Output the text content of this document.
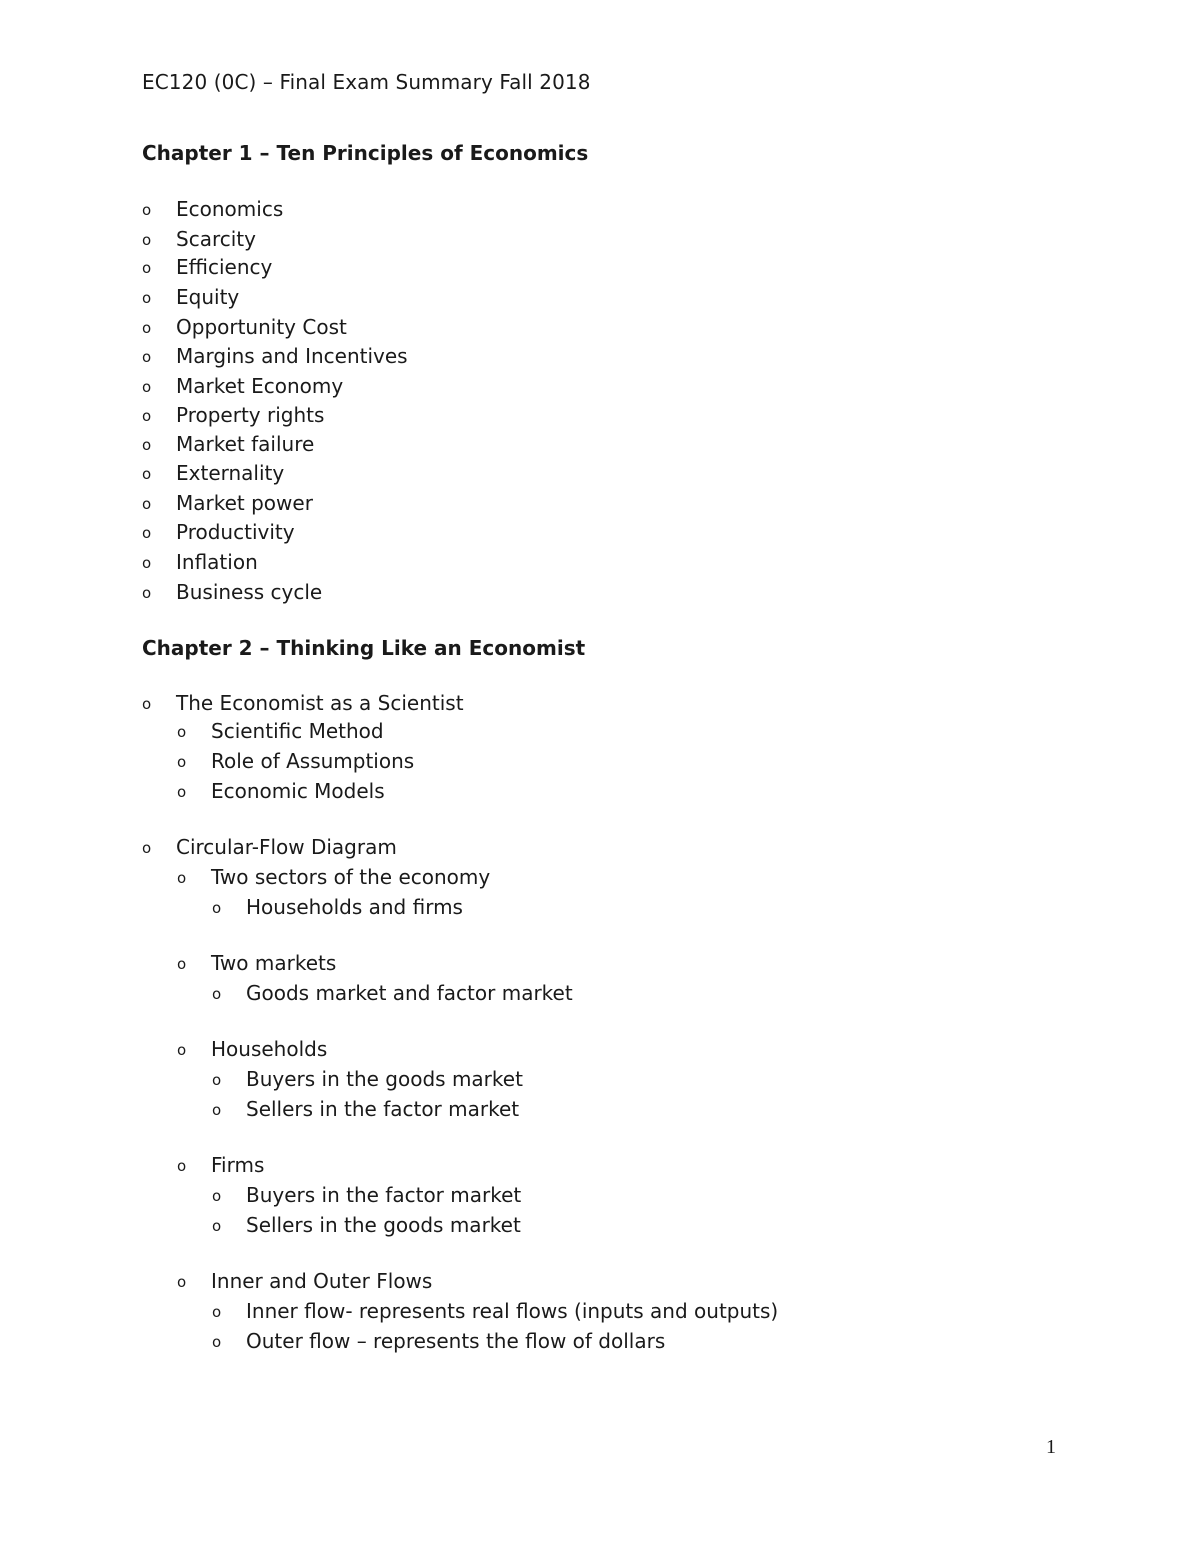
EC120 (0C) – Final Exam Summary Fall 2018
Chapter 1 – Ten Principles of Economics
o Economics
o Scarcity
o Efficiency
o Equity
o Opportunity Cost
o Margins and Incentives
o Market Economy
o Property rights
o Market failure
o Externality
o Market power
o Productivity
o Inflation
o Business cycle
Chapter 2 – Thinking Like an Economist
o The Economist as a Scientist
o Scientific Method
o Role of Assumptions
o Economic Models
o Circular-Flow Diagram
o Two sectors of the economy
o Households and firms
o Two markets
o Goods market and factor market
o Households
o Buyers in the goods market
o Sellers in the factor market
o Firms
o Buyers in the factor market
o Sellers in the goods market
o Inner and Outer Flows
o Inner flow- represents real flows (inputs and outputs)
o Outer flow – represents the flow of dollars
1
